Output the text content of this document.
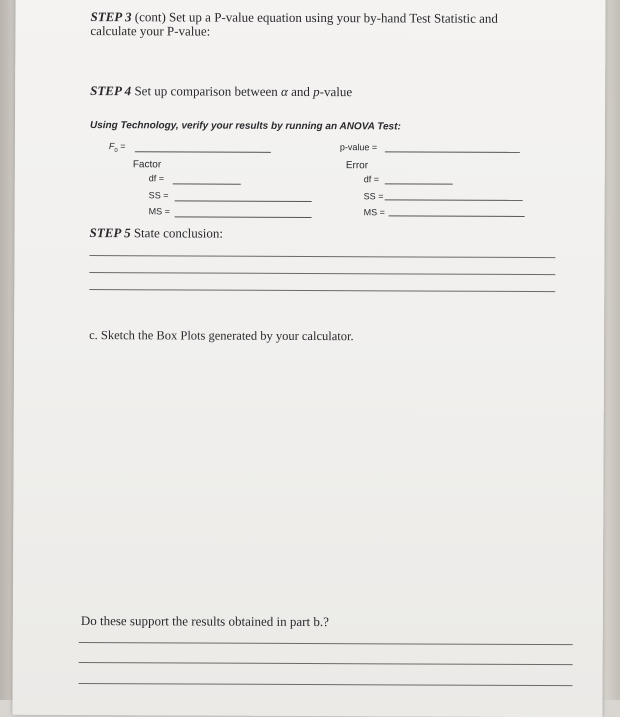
STEP 3 (cont) Set up a P-value equation using your by-hand Test Statistic and
calculate your P-value:
STEP 4 Set up comparison between α and p-value
Using Technology, verify your results by running an ANOVA Test:
$F_0$ =	p-value =
Factor
df =
SS =
MS =
Error
df =
SS =
MS =
STEP 5 State conclusion:
c. Sketch the Box Plots generated by your calculator.
Do these support the results obtained in part b.?
